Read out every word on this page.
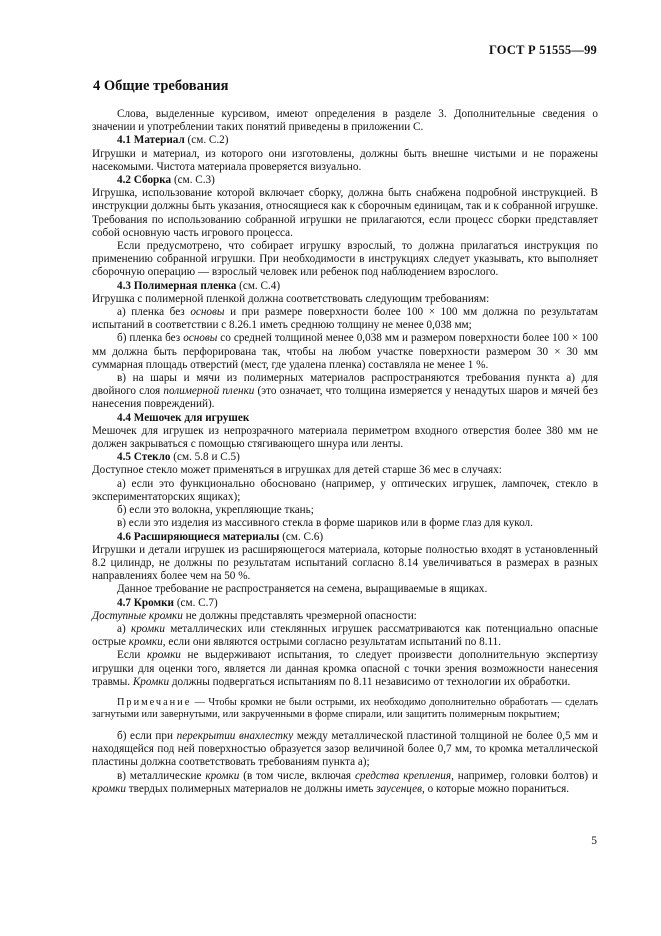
ГОСТ Р 51555—99
4 Общие требования

Слова, выделенные курсивом, имеют определения в разделе 3. Дополнительные сведения о значении и употреблении таких понятий приведены в приложении С.

4.1 Материал (см. С.2)

Игрушки и материал, из которого они изготовлены, должны быть внешне чистыми и не поражены насекомыми. Чистота материала проверяется визуально.

4.2 Сборка (см. С.3)

Игрушка, использование которой включает сборку, должна быть снабжена подробной инструкцией. В инструкции должны быть указания, относящиеся как к сборочным единицам, так и к собранной игрушке. Требования по использованию собранной игрушки не прилагаются, если процесс сборки представляет собой основную часть игрового процесса.

Если предусмотрено, что собирает игрушку взрослый, то должна прилагаться инструкция по применению собранной игрушки. При необходимости в инструкциях следует указывать, кто выполняет сборочную операцию — взрослый человек или ребенок под наблюдением взрослого.

4.3 Полимерная пленка (см. С.4)

Игрушка с полимерной пленкой должна соответствовать следующим требованиям:

а) пленка без основы и при размере поверхности более 100 × 100 мм должна по результатам испытаний в соответствии с 8.26.1 иметь среднюю толщину не менее 0,038 мм;

б) пленка без основы со средней толщиной менее 0,038 мм и размером поверхности более 100 × 100 мм должна быть перфорирована так, чтобы на любом участке поверхности размером 30 × 30 мм суммарная площадь отверстий (мест, где удалена пленка) составляла не менее 1 %.

в) на шары и мячи из полимерных материалов распространяются требования пункта а) для двойного слоя полимерной пленки (это означает, что толщина измеряется у ненадутых шаров и мячей без нанесения повреждений).

4.4 Мешочек для игрушек

Мешочек для игрушек из непрозрачного материала периметром входного отверстия более 380 мм не должен закрываться с помощью стягивающего шнура или ленты.

4.5 Стекло (см. 5.8 и С.5)

Доступное стекло может применяться в игрушках для детей старше 36 мес в случаях:

а) если это функционально обосновано (например, у оптических игрушек, лампочек, стекло в экспериментаторских ящиках);

б) если это волокна, укрепляющие ткань;

в) если это изделия из массивного стекла в форме шариков или в форме глаз для кукол.

4.6 Расширяющиеся материалы (см. С.6)

Игрушки и детали игрушек из расширяющегося материала, которые полностью входят в установленный 8.2 цилиндр, не должны по результатам испытаний согласно 8.14 увеличиваться в размерах в разных направлениях более чем на 50 %.

Данное требование не распространяется на семена, выращиваемые в ящиках.

4.7 Кромки (см. С.7)

Доступные кромки не должны представлять чрезмерной опасности:

а) кромки металлических или стеклянных игрушек рассматриваются как потенциально опасные острые кромки, если они являются острыми согласно результатам испытаний по 8.11.

Если кромки не выдерживают испытания, то следует произвести дополнительную экспертизу игрушки для оценки того, является ли данная кромка опасной с точки зрения возможности нанесения травмы. Кромки должны подвергаться испытаниям по 8.11 независимо от технологии их обработки.

Примечание — Чтобы кромки не были острыми, их необходимо дополнительно обработать — сделать загнутыми или завернутыми, или закрученными в форме спирали, или защитить полимерным покрытием;

б) если при перекрытии внахлестку между металлической пластиной толщиной не более 0,5 мм и находящейся под ней поверхностью образуется зазор величиной более 0,7 мм, то кромка металлической пластины должна соответствовать требованиям пункта а);

в) металлические кромки (в том числе, включая средства крепления, например, головки болтов) и кромки твердых полимерных материалов не должны иметь заусенцев, о которые можно пораниться.

5
